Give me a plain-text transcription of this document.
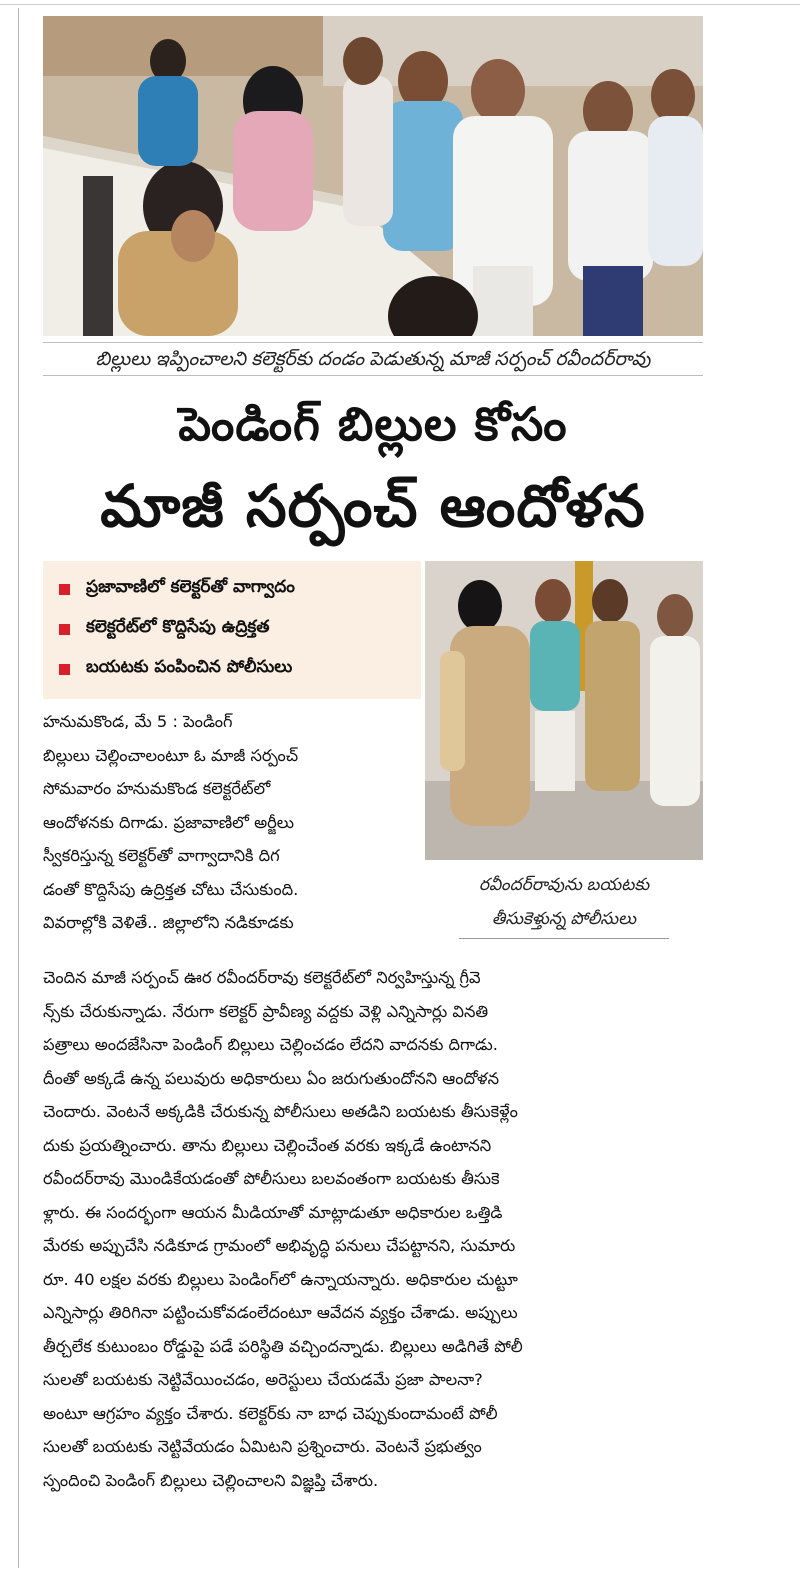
బిల్లులు ఇప్పించాలని కలెక్టర్‌కు దండం పెడుతున్న మాజీ సర్పంచ్ రవీందర్‌రావు
పెండింగ్ బిల్లుల కోసం
మాజీ సర్పంచ్ ఆందోళన
ప్రజావాణిలో కలెక్టర్‌తో వాగ్వాదం
కలెక్టరేట్‌లో కొద్దిసేపు ఉద్రిక్తత
బయటకు పంపించిన పోలీసులు
రవీందర్‌రావును బయటకు
తీసుకెళ్తున్న పోలీసులు
హనుమకొండ, మే 5 : పెండింగ్
బిల్లులు చెల్లించాలంటూ ఓ మాజీ సర్పంచ్
సోమవారం హనుమకొండ కలెక్టరేట్‌లో
ఆందోళనకు దిగాడు. ప్రజావాణిలో అర్జీలు
స్వీకరిస్తున్న కలెక్టర్‌తో వాగ్వాదానికి దిగ
డంతో కొద్దిసేపు ఉద్రిక్తత చోటు చేసుకుంది.
వివరాల్లోకి వెళితే.. జిల్లాలోని నడికూడకు
చెందిన మాజీ సర్పంచ్ ఊర రవీందర్‌రావు కలెక్టరేట్‌లో నిర్వహిస్తున్న గ్రీవె
న్స్‌కు చేరుకున్నాడు. నేరుగా కలెక్టర్ ప్రావీణ్య వద్దకు వెళ్లి ఎన్నిసార్లు వినతి
పత్రాలు అందజేసినా పెండింగ్ బిల్లులు చెల్లించడం లేదని వాదనకు దిగాడు.
దీంతో అక్కడే ఉన్న పలువురు అధికారులు ఏం జరుగుతుందోనని ఆందోళన
చెందారు. వెంటనే అక్కడికి చేరుకున్న పోలీసులు అతడిని బయటకు తీసుకెళ్లేం
దుకు ప్రయత్నించారు. తాను బిల్లులు చెల్లించేంత వరకు ఇక్కడే ఉంటానని
రవీందర్‌రావు మొండికేయడంతో పోలీసులు బలవంతంగా బయటకు తీసుకె
ళ్లారు. ఈ సందర్భంగా ఆయన మీడియాతో మాట్లాడుతూ అధికారుల ఒత్తిడి
మేరకు అప్పుచేసి నడికూడ గ్రామంలో అభివృద్ధి పనులు చేపట్టానని, సుమారు
రూ. 40 లక్షల వరకు బిల్లులు పెండింగ్‌లో ఉన్నాయన్నారు. అధికారుల చుట్టూ
ఎన్నిసార్లు తిరిగినా పట్టించుకోవడంలేదంటూ ఆవేదన వ్యక్తం చేశాడు. అప్పులు
తీర్చలేక కుటుంబం రోడ్డుపై పడే పరిస్థితి వచ్చిందన్నాడు. బిల్లులు అడిగితే పోలీ
సులతో బయటకు నెట్టివేయించడం, అరెస్టులు చేయడమే ప్రజా పాలనా?
అంటూ ఆగ్రహం వ్యక్తం చేశారు. కలెక్టర్‌కు నా బాధ చెప్పుకుందామంటే పోలీ
సులతో బయటకు నెట్టివేయడం ఏమిటని ప్రశ్నించారు. వెంటనే ప్రభుత్వం
స్పందించి పెండింగ్ బిల్లులు చెల్లించాలని విజ్ఞప్తి చేశారు.
